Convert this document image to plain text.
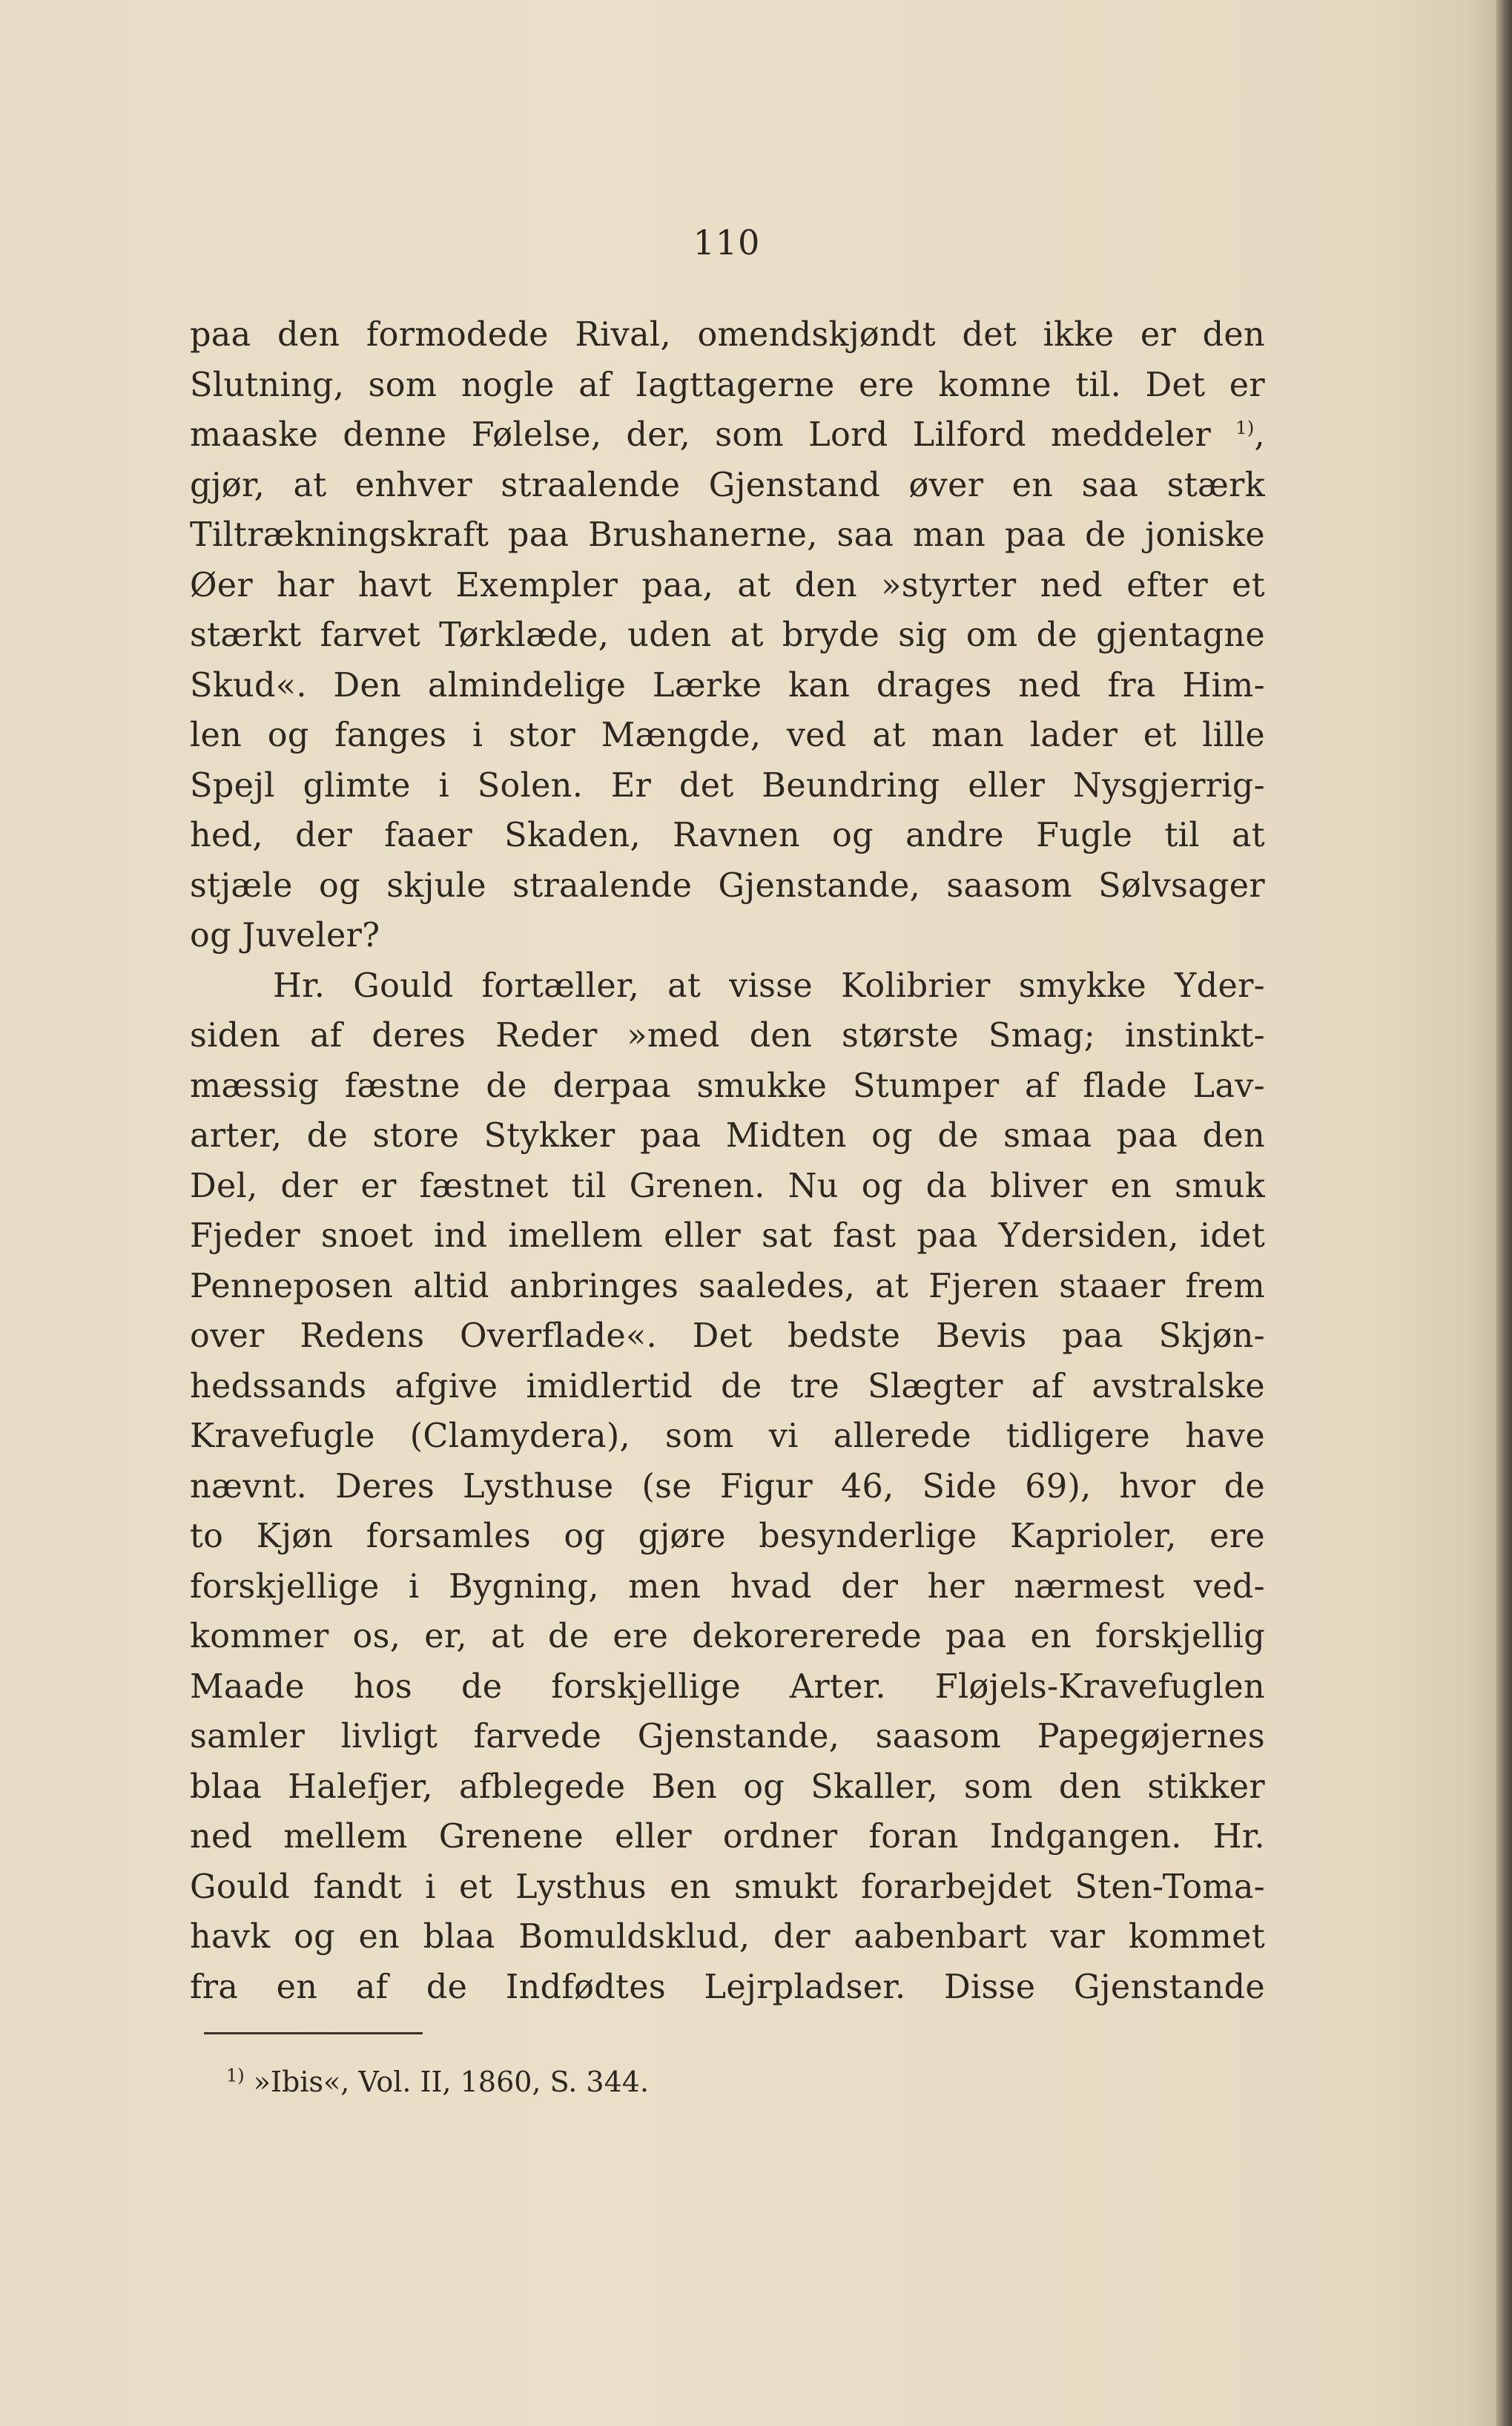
110
paa den formodede Rival, omendskjøndt det ikke er den
Slutning, som nogle af Iagttagerne ere komne til. Det er
maaske denne Følelse, der, som Lord Lilford meddeler $^{1)}$,
gjør, at enhver straalende Gjenstand øver en saa stærk
Tiltrækningskraft paa Brushanerne, saa man paa de joniske
Øer har havt Exempler paa, at den »styrter ned efter et
stærkt farvet Tørklæde, uden at bryde sig om de gjentagne
Skud«. Den almindelige Lærke kan drages ned fra Him-
len og fanges i stor Mængde, ved at man lader et lille
Spejl glimte i Solen. Er det Beundring eller Nysgjerrig-
hed, der faaer Skaden, Ravnen og andre Fugle til at
stjæle og skjule straalende Gjenstande, saasom Sølvsager
og Juveler?
Hr. Gould fortæller, at visse Kolibrier smykke Yder-
siden af deres Reder »med den største Smag; instinkt-
mæssig fæstne de derpaa smukke Stumper af flade Lav-
arter, de store Stykker paa Midten og de smaa paa den
Del, der er fæstnet til Grenen. Nu og da bliver en smuk
Fjeder snoet ind imellem eller sat fast paa Ydersiden, idet
Penneposen altid anbringes saaledes, at Fjeren staaer frem
over Redens Overflade«. Det bedste Bevis paa Skjøn-
hedssands afgive imidlertid de tre Slægter af avstralske
Kravefugle (Clamydera), som vi allerede tidligere have
nævnt. Deres Lysthuse (se Figur 46, Side 69), hvor de
to Kjøn forsamles og gjøre besynderlige Kaprioler, ere
forskjellige i Bygning, men hvad der her nærmest ved-
kommer os, er, at de ere dekorererede paa en forskjellig
Maade hos de forskjellige Arter. Fløjels-Kravefuglen
samler livligt farvede Gjenstande, saasom Papegøjernes
blaa Halefjer, afblegede Ben og Skaller, som den stikker
ned mellem Grenene eller ordner foran Indgangen. Hr.
Gould fandt i et Lysthus en smukt forarbejdet Sten-Toma-
havk og en blaa Bomuldsklud, der aabenbart var kommet
fra en af de Indfødtes Lejrpladser. Disse Gjenstande
$^{1)}$ »Ibis«, Vol. II, 1860, S. 344.
